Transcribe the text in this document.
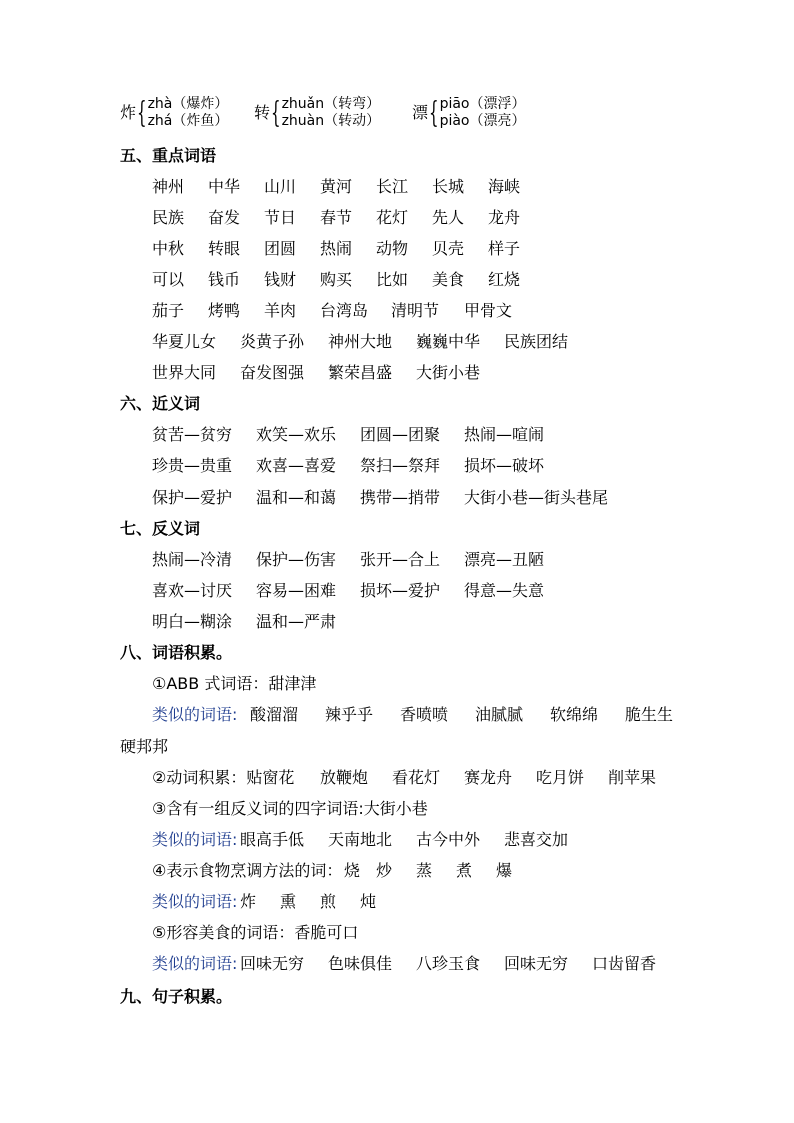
炸 { zhà（爆炸）
zhá（炸鱼） 转 { zhuǎn（转弯）
zhuàn（转动） 漂 { piāo（漂浮）
piào（漂亮）
五、重点词语
神州 中华 山川 黄河 长江 长城 海峡
民族 奋发 节日 春节 花灯 先人 龙舟
中秋 转眼 团圆 热闹 动物 贝壳 样子
可以 钱币 钱财 购买 比如 美食 红烧
茄子 烤鸭 羊肉 台湾岛 清明节 甲骨文
华夏儿女 炎黄子孙 神州大地 巍巍中华 民族团结
世界大同 奋发图强 繁荣昌盛 大街小巷
六、近义词
贫苦—贫穷 欢笑—欢乐 团圆—团聚 热闹—喧闹
珍贵—贵重 欢喜—喜爱 祭扫—祭拜 损坏—破坏
保护—爱护 温和—和蔼 携带—捎带 大街小巷—街头巷尾
七、反义词
热闹—冷清 保护—伤害 张开—合上 漂亮—丑陋
喜欢—讨厌 容易—困难 损坏—爱护 得意—失意
明白—糊涂 温和—严肃
八、词语积累。
①ABB 式词语：甜津津
类似的词语: 酸溜溜 辣乎乎 香喷喷 油腻腻 软绵绵 脆生生
硬邦邦
②动词积累：贴窗花 放鞭炮 看花灯 赛龙舟 吃月饼 削苹果
③含有一组反义词的四字词语:大街小巷
类似的词语: 眼高手低 天南地北 古今中外 悲喜交加
④表示食物烹调方法的词： 烧 炒 蒸 煮 爆
类似的词语: 炸 熏 煎 炖
⑤形容美食的词语：香脆可口
类似的词语: 回味无穷 色味俱佳 八珍玉食 回味无穷 口齿留香
九、句子积累。
